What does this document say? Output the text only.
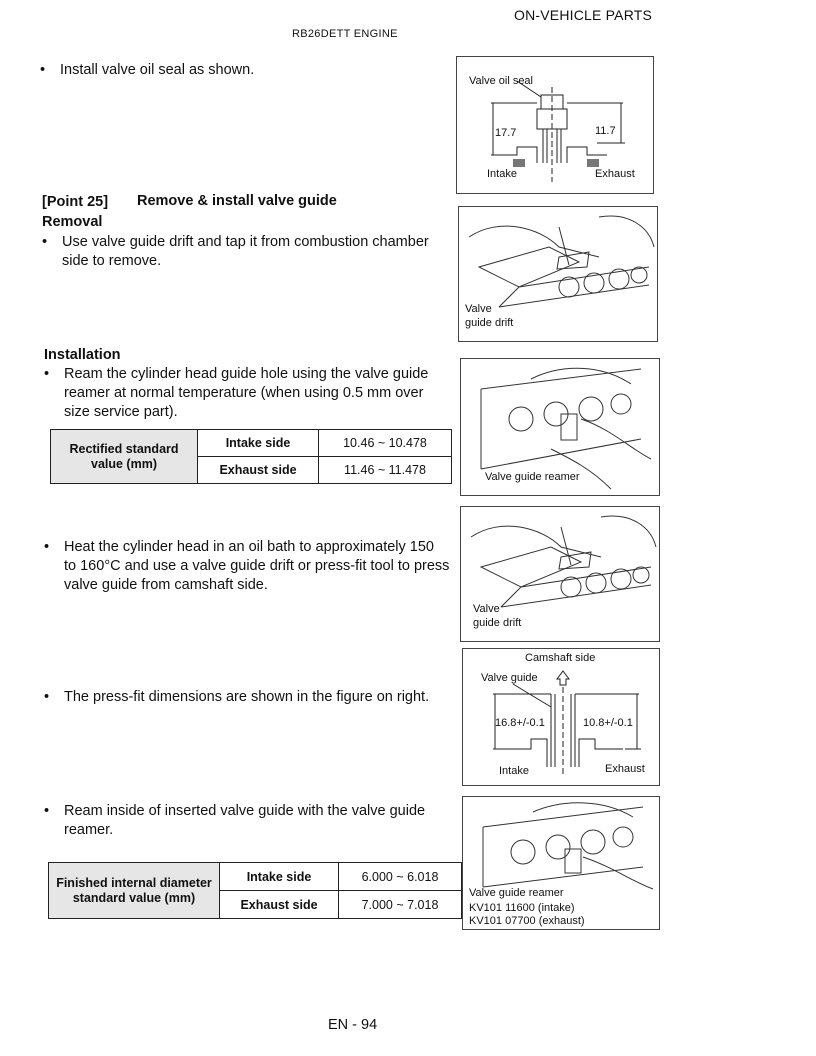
ON-VEHICLE PARTS
RB26DETT ENGINE
•	Install valve oil seal as shown.
[Point 25] Remove & install valve guide
Removal
•	Use valve guide drift and tap it from combustion chamber
side to remove.
Installation
•	Ream the cylinder head guide hole using the valve guide
reamer at normal temperature (when using 0.5 mm over
size service part).
Rectified standard
value (mm)	Intake side	10.46 ~ 10.478
	Exhaust side	11.46 ~ 11.478
•	Heat the cylinder head in an oil bath to approximately 150
to 160°C and use a valve guide drift or press-fit tool to press
valve guide from camshaft side.
•	The press-fit dimensions are shown in the figure on right.
•	Ream inside of inserted valve guide with the valve guide
reamer.
Finished internal diameter
standard value (mm)	Intake side	6.000 ~ 6.018
	Exhaust side	7.000 ~ 7.018
Valve oil seal
17.7	11.7
Intake	Exhaust
Valve
guide drift
Valve guide reamer
Valve
guide drift
Camshaft side
Valve guide
16.8+/-0.1	10.8+/-0.1
Intake	Exhaust
Valve guide reamer
KV101 11600 (intake)
KV101 07700 (exhaust)
EN - 94
